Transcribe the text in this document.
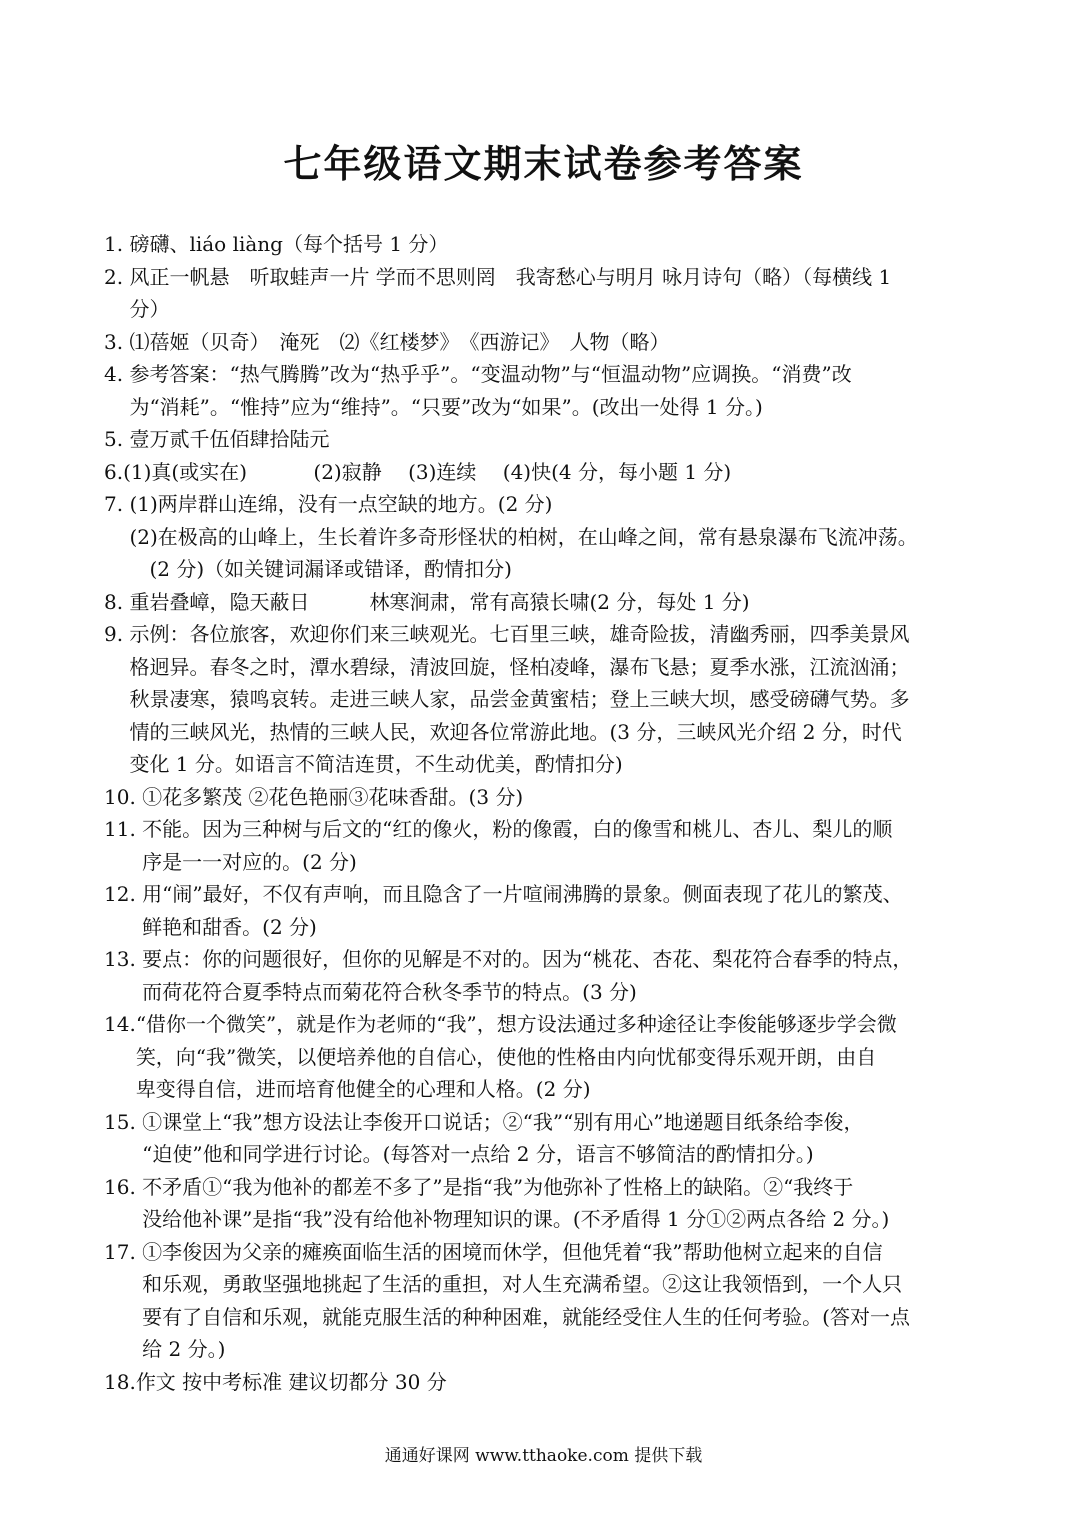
七年级语文期末试卷参考答案
1. 磅礴、liáo liàng（每个括号 1 分）
2. 风正一帆悬　听取蛙声一片 学而不思则罔　我寄愁心与明月 咏月诗句（略）（每横线 1
分）
3. ⑴蓓姬（贝奇）　淹死　⑵《红楼梦》　《西游记》　人物（略）
4. 参考答案：“热气腾腾”改为“热乎乎”。“变温动物”与“恒温动物”应调换。“消费”改
为“消耗”。“惟持”应为“维持”。“只要”改为“如果”。(改出一处得 1 分。)
5. 壹万贰千伍佰肆拾陆元
6. (1)真(或实在)　　　 (2)寂静　 (3)连续　 (4)快(4 分，每小题 1 分)
7. (1)两岸群山连绵，没有一点空缺的地方。(2 分)
(2)在极高的山峰上，生长着许多奇形怪状的柏树，在山峰之间，常有悬泉瀑布飞流冲荡。
　(2 分)（如关键词漏译或错译，酌情扣分)
8. 重岩叠嶂，隐天蔽日　　　林寒涧肃，常有高猿长啸(2 分，每处 1 分)
9. 示例：各位旅客，欢迎你们来三峡观光。七百里三峡，雄奇险拔，清幽秀丽，四季美景风
格迥异。春冬之时，潭水碧绿，清波回旋，怪柏凌峰，瀑布飞悬；夏季水涨，江流汹涌；
秋景凄寒，猿鸣哀转。走进三峡人家，品尝金黄蜜桔；登上三峡大坝，感受磅礴气势。多
情的三峡风光，热情的三峡人民，欢迎各位常游此地。(3 分，三峡风光介绍 2 分，时代
变化 1 分。如语言不简洁连贯，不生动优美，酌情扣分)
10. ①花多繁茂 ②花色艳丽③花味香甜。(3 分)
11. 不能。因为三种树与后文的“红的像火，粉的像霞，白的像雪和桃儿、杏儿、梨儿的顺
序是一一对应的。(2 分)
12. 用“闹”最好，不仅有声响，而且隐含了一片喧闹沸腾的景象。侧面表现了花儿的繁茂、
鲜艳和甜香。(2 分)
13. 要点：你的问题很好，但你的见解是不对的。因为“桃花、杏花、梨花符合春季的特点，
而荷花符合夏季特点而菊花符合秋冬季节的特点。(3 分)
14. “借你一个微笑”，就是作为老师的“我”，想方设法通过多种途径让李俊能够逐步学会微
笑，向“我”微笑，以便培养他的自信心，使他的性格由内向忧郁变得乐观开朗，由自
卑变得自信，进而培育他健全的心理和人格。(2 分)
15. ①课堂上“我”想方设法让李俊开口说话；②“我”“别有用心”地递题目纸条给李俊，
“迫使”他和同学进行讨论。(每答对一点给 2 分，语言不够简洁的酌情扣分。)
16. 不矛盾①“我为他补的都差不多了”是指“我”为他弥补了性格上的缺陷。②“我终于
没给他补课”是指“我”没有给他补物理知识的课。(不矛盾得 1 分①②两点各给 2 分。)
17. ①李俊因为父亲的瘫痪面临生活的困境而休学，但他凭着“我”帮助他树立起来的自信
和乐观，勇敢坚强地挑起了生活的重担，对人生充满希望。②这让我领悟到，一个人只
要有了自信和乐观，就能克服生活的种种困难，就能经受住人生的任何考验。(答对一点
给 2 分。)
18. 作文 按中考标准 建议切都分 30 分
通通好课网 www.tthaoke.com 提供下载
